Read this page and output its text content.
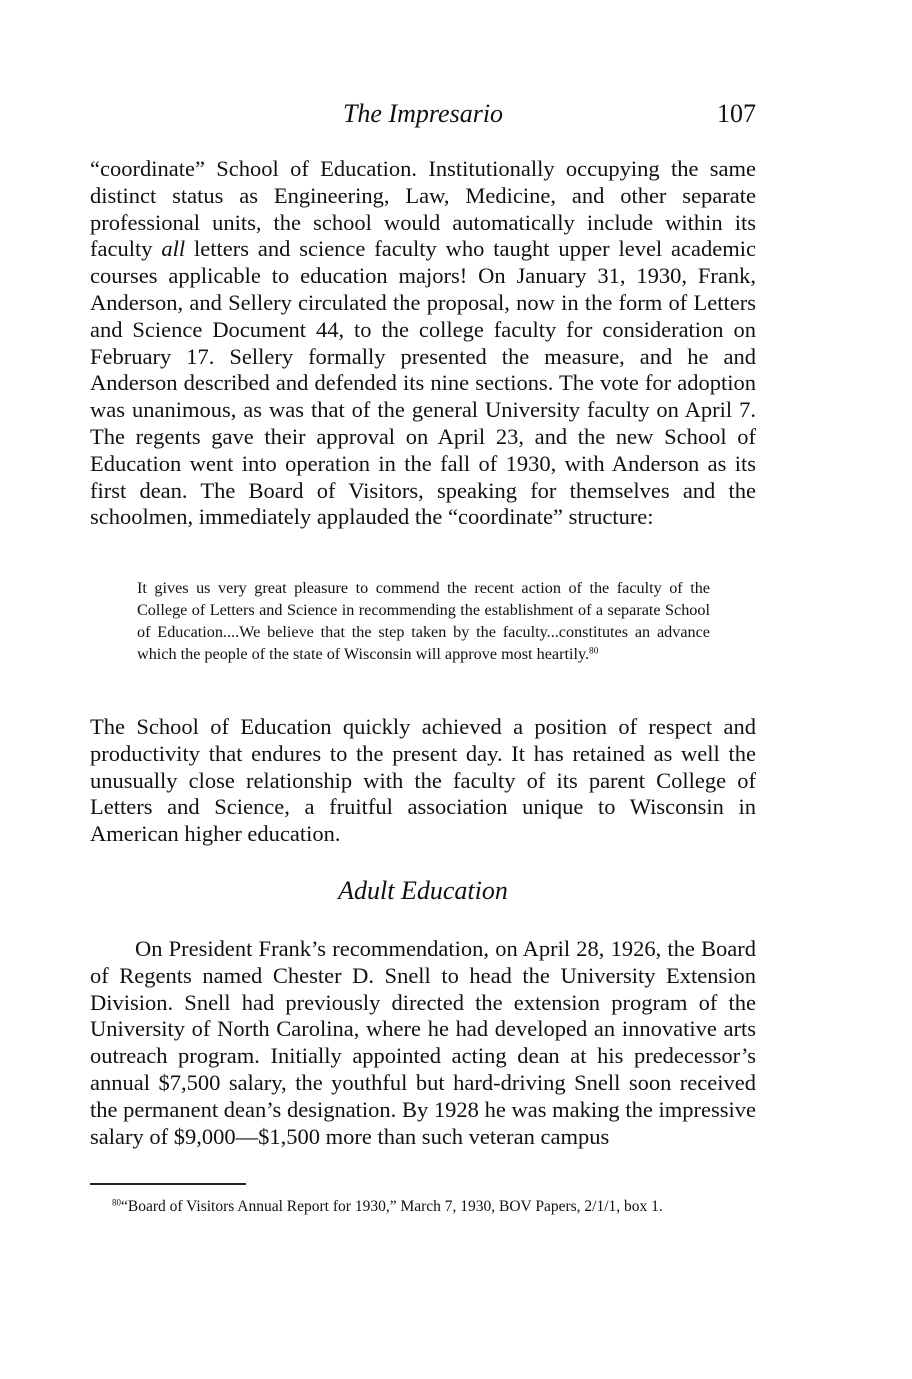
The Impresario	107

“coordinate” School of Education. Institutionally occupying the same distinct status as Engineering, Law, Medicine, and other separate professional units, the school would automatically include within its faculty all letters and science faculty who taught upper level academic courses applicable to education majors! On January 31, 1930, Frank, Anderson, and Sellery circulated the proposal, now in the form of Letters and Science Document 44, to the college faculty for consideration on February 17. Sellery formally presented the measure, and he and Anderson described and defended its nine sections. The vote for adoption was unanimous, as was that of the general University faculty on April 7. The regents gave their approval on April 23, and the new School of Education went into operation in the fall of 1930, with Anderson as its first dean. The Board of Visitors, speaking for themselves and the schoolmen, immediately applauded the “coordinate” structure:

It gives us very great pleasure to commend the recent action of the faculty of the College of Letters and Science in recommending the establishment of a separate School of Education....We believe that the step taken by the faculty...constitutes an advance which the people of the state of Wisconsin will approve most heartily.$^{80}$

The School of Education quickly achieved a position of respect and productivity that endures to the present day. It has retained as well the unusually close relationship with the faculty of its parent College of Letters and Science, a fruitful association unique to Wisconsin in American higher education.

Adult Education

On President Frank’s recommendation, on April 28, 1926, the Board of Regents named Chester D. Snell to head the University Extension Division. Snell had previously directed the extension program of the University of North Carolina, where he had developed an innovative arts outreach program. Initially appointed acting dean at his predecessor’s annual $7,500 salary, the youthful but hard-driving Snell soon received the permanent dean’s designation. By 1928 he was making the impressive salary of $9,000—$1,500 more than such veteran campus

$^{80}$“Board of Visitors Annual Report for 1930,” March 7, 1930, BOV Papers, 2/1/1, box 1.
